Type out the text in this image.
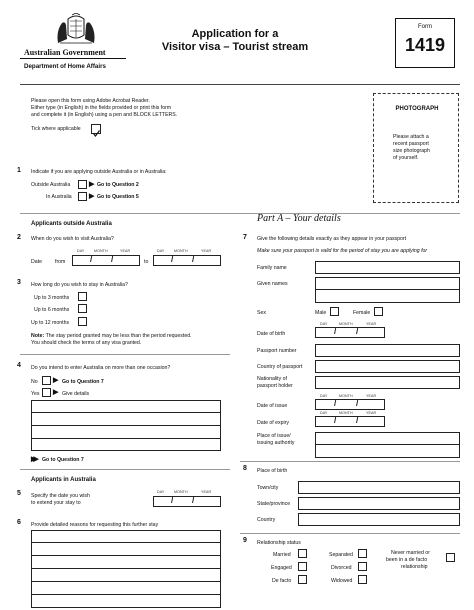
Australian Government
Department of Home Affairs
Application for a
Visitor visa – Tourist stream
Form
1419
Please open this form using Adobe Acrobat Reader.
Either type (in English) in the fields provided or print this form
and complete it (in English) using a pen and BLOCK LETTERS.
Tick where applicable
PHOTOGRAPH
Please attach a
recent passport
size photograph
of yourself.
1 Indicate if you are applying outside Australia or in Australia:
Outside Australia	▶ Go to Question 2
In Australia ▶ Go to Question 5
Applicants outside Australia
2 When do you wish to visit Australia?
DAY	MONTH	YEAR	DAY	MONTH	YEAR
Date	from	/ /	to	/ /
3 How long do you wish to stay in Australia?
Up to 3 months
Up to 6 months
Up to 12 months
Note: The stay period granted may be less than the period requested.
You should check the terms of any visa granted.
4 Do you intend to enter Australia on more than one occasion?
No ▶ Go to Question 7
Yes ▶ Give details
▶▶ Go to Question 7
Applicants in Australia
5 Specify the date you wish
to extend your stay to
DAY	MONTH	YEAR
/ /
6 Provide detailed reasons for requesting this further stay
Part A – Your details
7 Give the following details exactly as they appear in your passport
Make sure your passport is valid for the period of stay you are applying for
Family name
Given names
Sex	Male	Female
DAY	MONTH	YEAR
Date of birth	/ /
Passport number
Country of passport
Nationality of
passport holder
DAY	MONTH	YEAR
Date of issue	/ /
DAY	MONTH	YEAR
Date of expiry	/ /
Place of issue/
issuing authority
8 Place of birth
Town/city
State/province
Country
9 Relationship status
Married	Separated	Never married or
been in a de facto
relationship
Engaged	Divorced
De facto	Widowed
